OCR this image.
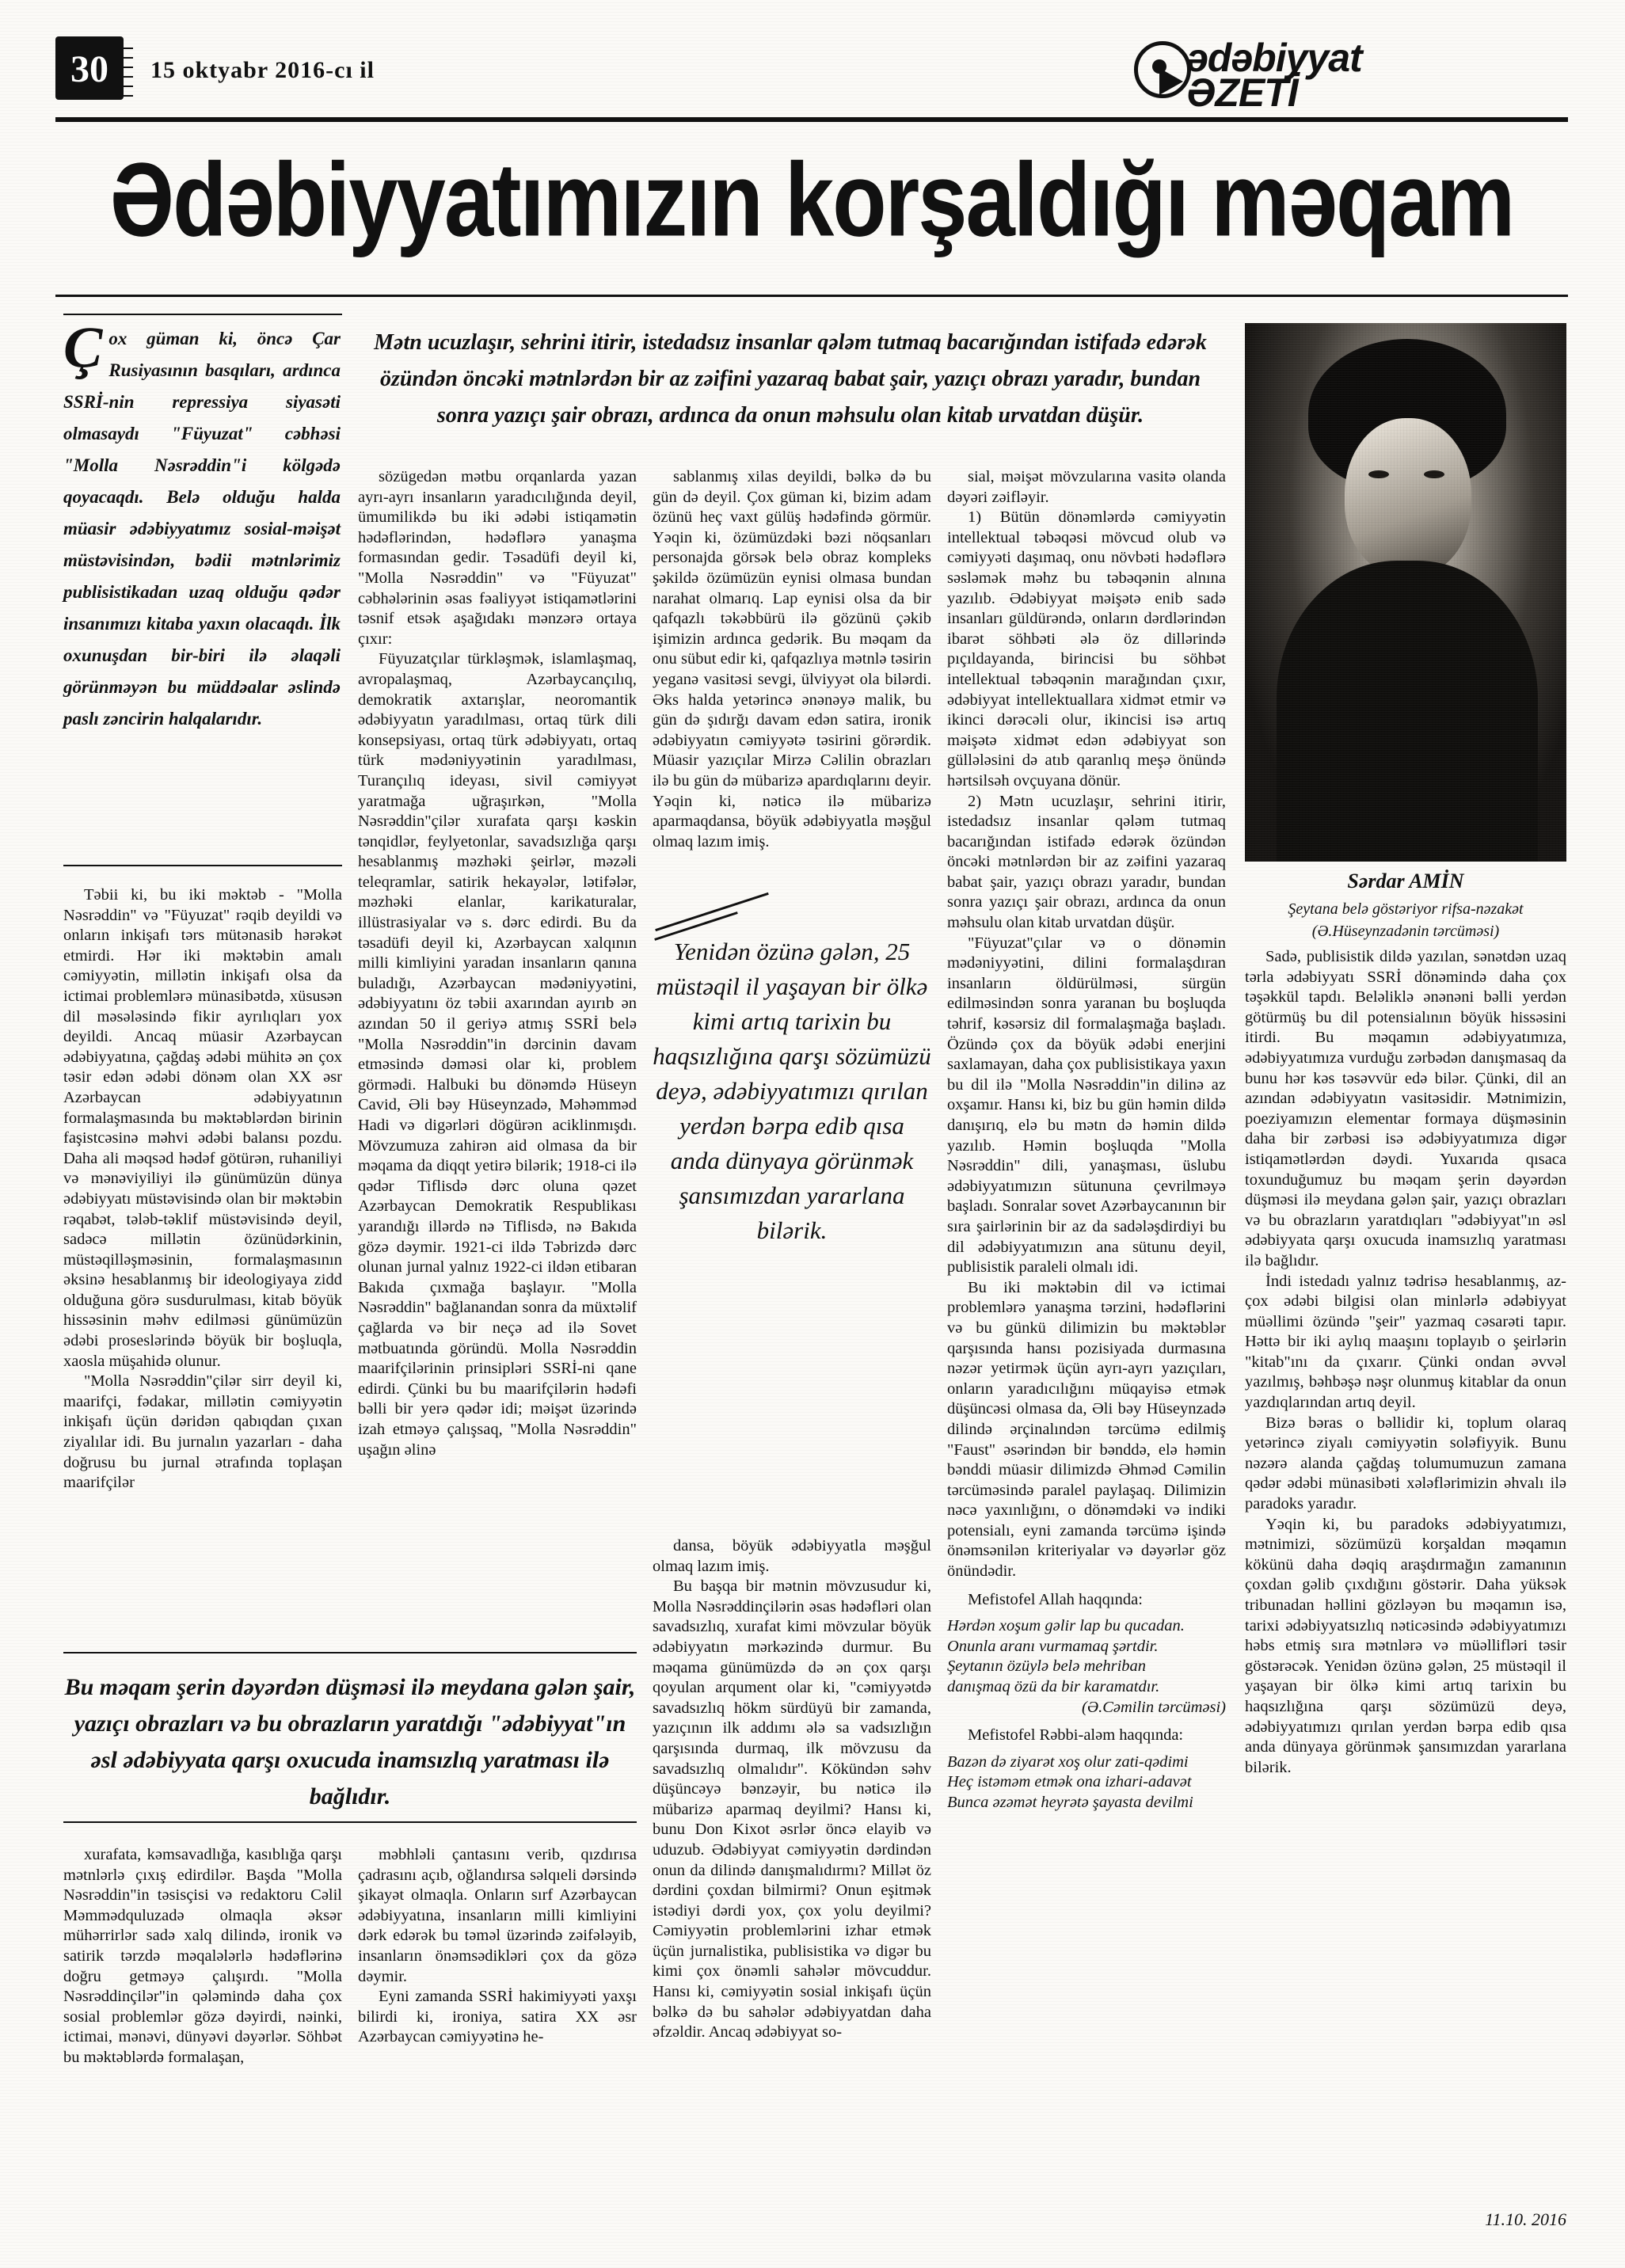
30	15 oktyabr 2016-cı il	ədəbiyyat
ƏZETİ
Ədəbiyyatımızın korşaldığı məqam
Çox güman ki, öncə Çar Rusiyasının basqıları, ardınca SSRİ-nin repressiya siyasəti olmasaydı "Füyuzat" cəbhəsi "Molla Nəsrəddin"i kölgədə qoyacaqdı. Belə olduğu halda müasir ədəbiyyatımız sosial-məişət müstəvisindən, bədii mətnlərimiz publisistikadan uzaq olduğu qədər insanımızı kitaba yaxın olacaqdı. İlk oxunuşdan bir-biri ilə əlaqəli görünməyən bu müddəalar əslində paslı zəncirin halqalarıdır.
Mətn ucuzlaşır, sehrini itirir, istedadsız insanlar qələm tutmaq bacarığından istifadə edərək özündən öncəki mətnlərdən bir az zəifini yazaraq babat şair, yazıçı obrazı yaradır, bundan sonra yazıçı şair obrazı, ardınca da onun məhsulu olan kitab urvatdan düşür.
Sərdar AMİN
Şeytana belə göstəriyor rifsa-nəzakət (Ə.Hüseynzadənin tərcüməsi)

Təbii ki, bu iki məktəb - "Molla Nəsrəddin" və "Füyuzat" rəqib deyildi və onların inkişafı tərs mütənasib hərəkət etmirdi. Hər iki məktəbin amalı cəmiyyətin, millətin inkişafı olsa da ictimai problemlərə münasibətdə, xüsusən dil məsələsində fikir ayrılıqları yox deyildi. Ancaq müasir Azərbaycan ədəbiyyatına, çağdaş ədəbi mühitə ən çox təsir edən ədəbi dönəm olan XX əsr Azərbaycan ədəbiyyatının formalaşmasında bu məktəblərdən birinin faşistcəsinə məhvi ədəbi balansı pozdu. Daha ali məqsəd hədəf götürən, ruhaniliyi və mənəviyiliyi ilə günümüzün dünya ədəbiyyatı müstəvisində olan bir məktəbin rəqabət, tələb-təklif müstəvisində deyil, sadəcə millətin özünüdərkinin, müstəqilləşməsinin, formalaşmasının əksinə hesablanmış bir ideologiyaya zidd olduğuna görə susdurulması, kitab böyük hissəsinin məhv edilməsi günümüzün ədəbi proseslərində böyük bir boşluqla, xaosla müşahidə olunur.

"Molla Nəsrəddin"çilər sirr deyil ki, maarifçi, fədakar, millətin cəmiyyətin inkişafı üçün dəridən qabıqdan çıxan ziyalılar idi. Bu jurnalın yazarları - daha doğrusu bu jurnal ətrafında toplaşan maarifçilər

Bu məqam şerin dəyərdən düşməsi ilə meydana gələn şair, yazıçı obrazları və bu obrazların yaratdığı "ədəbiyyat"ın əsl ədəbiyyata qarşı oxucuda inamsızlıq yaratması ilə bağlıdır.

xurafata, kəmsavadlığa, kasıblığa qarşı mətnlərlə çıxış edirdilər. Başda "Molla Nəsrəddin"in təsisçisi və redaktoru Cəlil Məmmədquluzadə olmaqla əksər mühərrirlər sadə xalq dilində, ironik və satirik tərzdə məqalələrlə hədəflərinə doğru getməyə çalışırdı. "Molla Nəsrəddinçilər"in qələmində daha çox sosial problemlər gözə dəyirdi, nəinki, ictimai, mənəvi, dünyəvi dəyərlər. Söhbət bu məktəblərdə formalaşan,

sözügedən mətbu orqanlarda yazan ayrı-ayrı insanların yaradıcılığında deyil, ümumilikdə bu iki ədəbi istiqamətin hədəflərindən, hədəflərə yanaşma formasından gedir. Təsadüfi deyil ki, "Molla Nəsrəddin" və "Füyuzat" cəbhələrinin əsas fəaliyyət istiqamətlərini təsnif etsək aşağıdakı mənzərə ortaya çıxır:

Füyuzatçılar türkləşmək, islamlaşmaq, avropalaşmaq, Azərbaycançılıq, demokratik axtarışlar, neoromantik ədəbiyyatın yaradılması, ortaq türk dili konsepsiyası, ortaq türk ədəbiyyatı, ortaq türk mədəniyyətinin yaradılması, Turançılıq ideyası, sivil cəmiyyət yaratmağa uğraşırkən, "Molla Nəsrəddin"çilər xurafata qarşı kəskin tənqidlər, feylyetonlar, savadsızlığa qarşı hesablanmış məzhəki şeirlər, məzəli teleqramlar, satirik hekayələr, lətifələr, məzhəki elanlar, karikaturalar, illüstrasiyalar və s. dərc edirdi. Bu da təsadüfi deyil ki, Azərbaycan xalqının milli kimliyini yaradan insanların qanına buladığı, Azərbaycan mədəniyyətini, ədəbiyyatını öz təbii axarından ayırıb ən azından 50 il geriyə atmış SSRİ belə "Molla Nəsrəddin"in dərcinin davam etməsində dəməsi olar ki, problem görmədi. Halbuki bu dönəmdə Hüseyn Cavid, Əli bəy Hüseynzadə, Məhəmməd Hadi və digərləri dögürən aciklinmışdı. Mövzumuza zahirən aid olmasa da bir məqama da diqqt yetirə bilərik; 1918-ci ilə qədər Tiflisdə dərc oluna qəzet Azərbaycan Demokratik Respublikası yarandığı illərdə nə Tiflisdə, nə Bakıda gözə dəymir. 1921-ci ildə Təbrizdə dərc olunan jurnal yalnız 1922-ci ildən etibaran Bakıda çıxmağa başlayır. "Molla Nəsrəddin" bağlanandan sonra da müxtəlif çağlarda və bir neçə ad ilə Sovet mətbuatında göründü. Molla Nəsrəddin maarifçilərinin prinsipləri SSRİ-ni qane edirdi. Çünki bu bu maarifçilərin hədəfi bəlli bir yerə qədər idi; məişət üzərində izah etməyə çalışsaq, "Molla Nəsrəddin" uşağın əlinə

məbhləli çantasını verib, qızdırısa çadrasını açıb, oğlandırsa səlqıeli dərsində şikayət olmaqla. Onların sırf Azərbaycan ədəbiyyatına, insanların milli kimliyini dərk edərək bu təməl üzərində zəifələyib, insanların önəmsədikləri çox da gözə dəymir.

Eyni zamanda SSRİ hakimiyyəti yaxşı bilirdi ki, ironiya, satira XX əsr Azərbaycan cəmiyyətinə he-

sablanmış xilas deyildi, bəlkə də bu gün də deyil. Çox güman ki, bizim adam özünü heç vaxt gülüş hədəfində görmür. Yəqin ki, özümüzdəki bəzi nöqsanları personajda görsək belə obraz kompleks şəkildə özümüzün eynisi olmasa bundan narahat olmarıq. Lap eynisi olsa da bir qafqazlı təkəbbürü ilə gözünü çəkib işimizin ardınca gedərik. Bu məqam da onu sübut edir ki, qafqazlıya mətnlə təsirin yeganə vasitəsi sevgi, ülviyyət ola bilərdi. Əks halda yetərincə ənənəyə malik, bu gün də şıdırğı davam edən satira, ironik ədəbiyyatın cəmiyyətə təsirini görərdik. Müasir yazıçılar Mirzə Cəlilin obrazları ilə bu gün də mübarizə apardıqlarını deyir. Yəqin ki, nəticə ilə mübarizə aparmaqdansa, böyük ədəbiyyatla məşğul olmaq lazım imiş.

Yenidən özünə gələn, 25 müstəqil il yaşayan bir ölkə kimi artıq tarixin bu haqsızlığına qarşı sözümüzü deyə, ədəbiyyatımızı qırılan yerdən bərpa edib qısa anda dünyaya görünmək şansımızdan yararlana bilərik.

dansa, böyük ədəbiyyatla məşğul olmaq lazım imiş.

Bu başqa bir mətnin mövzusudur ki, Molla Nəsrəddinçilərin əsas hədəfləri olan savadsızlıq, xurafat kimi mövzular böyük ədəbiyyatın mərkəzində durmur. Bu məqama günümüzdə də ən çox qarşı qoyulan arqument olar ki, "cəmiyyətdə savadsızlıq hökm sürdüyü bir zamanda, yazıçının ilk addımı ələ sa vadsızlığın qarşısında durmaq, ilk mövzusu da savadsızlıq olmalıdır". Kökündən səhv düşüncəyə bənzəyir, bu nəticə ilə mübarizə aparmaq deyilmi? Hansı ki, bunu Don Kixot əsrlər öncə elayib və uduzub. Ədəbiyyat cəmiyyətin dərdindən onun da dilində danışmalıdırmı? Millət öz dərdini çoxdan bilmirmi? Onun eşitmək istədiyi dərdi yox, çox yolu deyilmi? Cəmiyyətin problemlərini izhar etmək üçün jurnalistika, publisistika və digər bu kimi çox önəmli sahələr mövcuddur. Hansı ki, cəmiyyətin sosial inkişafı üçün bəlkə də bu sahələr ədəbiyyatdan daha əfzəldir. Ancaq ədəbiyyat so-

sial, məişət mövzularına vasitə olanda dəyəri zəifləyir.

1) Bütün dönəmlərdə cəmiyyətin intellektual təbəqəsi mövcud olub və cəmiyyəti daşımaq, onu növbəti hədəflərə səsləmək məhz bu təbəqənin alnına yazılıb. Ədəbiyyat məişətə enib sadə insanları güldürəndə, onların dərdlərindən ibarət söhbəti ələ öz dillərində pıçıldayanda, birincisi bu söhbət intellektual təbəqənin marağından çıxır, ədəbiyyat intellektuallara xidmət etmir və ikinci dərəcəli olur, ikincisi isə artıq məişətə xidmət edən ədəbiyyat son güllələsini də atıb qaranlıq meşə önündə hərtsilsəh ovçuyana dönür.

2) Mətn ucuzlaşır, sehrini itirir, istedadsız insanlar qələm tutmaq bacarığından istifadə edərək özündən öncəki mətnlərdən bir az zəifini yazaraq babat şair, yazıçı obrazı yaradır, bundan sonra yazıçı şair obrazı, ardınca da onun məhsulu olan kitab urvatdan düşür.

"Füyuzat"çılar və o dönəmin mədəniyyətini, dilini formalaşdıran insanların öldürülməsi, sürgün edilməsindən sonra yaranan bu boşluqda təhrif, kəsərsiz dil formalaşmağa başladı. Özündə çox da böyük ədəbi enerjini saxlamayan, daha çox publisistikaya yaxın bu dil ilə "Molla Nəsrəddin"in dilinə az oxşamır. Hansı ki, biz bu gün həmin dildə danışırıq, elə bu mətn də həmin dildə yazılıb. Həmin boşluqda "Molla Nəsrəddin" dili, yanaşması, üslubu ədəbiyyatımızın sütununa çevrilməyə başladı. Sonralar sovet Azərbaycanının bir sıra şairlərinin bir az da sadələşdirdiyi bu dil ədəbiyyatımızın ana sütunu deyil, publisistik paraleli olmalı idi.

Bu iki məktəbin dil və ictimai problemlərə yanaşma tərzini, hədəflərini və bu günkü dilimizin bu məktəblər qarşısında hansı pozisiyada durmasına nəzər yetirmək üçün ayrı-ayrı yazıçıları, onların yaradıcılığını müqayisə etmək düşüncəsi olmasa da, Əli bəy Hüseynzadə dilində ərçinalındən tərcümə edilmiş "Faust" əsərindən bir bənddə, elə həmin bənddi müasir dilimizdə Əhməd Cəmilin tərcüməsində paralel paylaşaq. Dilimizin nəcə yaxınlığını, o dönəmdəki və indiki potensialı, eyni zamanda tərcümə işində önəmsənilən kriteriyalar və dəyərlər göz önündədir.

Mefistofel Allah haqqında:

Hərdən xoşum gəlir lap bu qucadan.

Onunla aranı vurmamaq şərtdir.

Şeytanın özüylə belə mehriban

danışmaq özü da bir karamatdır.

(Ə.Cəmilin tərcüməsi)

Mefistofel Rəbbi-aləm haqqında:

Bazən də ziyarət xoş olur zati-qədimi

Heç istəməm etmək ona izhari-adavət

Bunca əzəmət heyrətə şayasta devilmi

Sadə, publisistik dildə yazılan, sənətdən uzaq tərla ədəbiyyatı SSRİ dönəmində daha çox təşəkkül tapdı. Beləliklə ənənəni bəlli yerdən götürmüş bu dil potensialının böyük hissəsini itirdi. Bu məqamın ədəbiyyatımıza, ədəbiyyatımıza vurduğu zərbədən danışmasaq da bunu hər kəs təsəvvür edə bilər. Çünki, dil an azından ədəbiyyatın vasitəsidir. Mətnimizin, poeziyamızın elementar formaya düşməsinin daha bir zərbəsi isə ədəbiyyatımıza digər istiqamətlərdən dəydi. Yuxarıda qısaca toxunduğumuz bu məqam şerin dəyərdən düşməsi ilə meydana gələn şair, yazıçı obrazları və bu obrazların yaratdıqları "ədəbiyyat"ın əsl ədəbiyyata qarşı oxucuda inamsızlıq yaratması ilə bağlıdır.

İndi istedadı yalnız tədrisə hesablanmış, az-çox ədəbi bilgisi olan minlərlə ədəbiyyat müəllimi özündə "şeir" yazmaq cəsarəti tapır. Həttə bir iki aylıq maaşını toplayıb o şeirlərin "kitab"ını da çıxarır. Çünki ondan əvvəl yazılmış, bəhbəşə nəşr olunmuş kitablar da onun yazdıqlarından artıq deyil.

Bizə bəras o bəllidir ki, toplum olaraq yetərincə ziyalı cəmiyyətin soləfiyyik. Bunu nəzərə alanda çağdaş tolumumuzun zamana qədər ədəbi münasibəti xələflərimizin əhvalı ilə paradoks yaradır.

Yəqin ki, bu paradoks ədəbiyyatımızı, mətnimizi, sözümüzü korşaldan məqamın kökünü daha dəqiq araşdırmağın zamanının çoxdan gəlib çıxdığını göstərir. Daha yüksək tribunadan həllini gözləyən bu məqamın isə, tarixi ədəbiyyatsızlıq nəticəsində ədəbiyyatımızı həbs etmiş sıra mətnlərə və müəllifləri təsir göstərəcək. Yenidən özünə gələn, 25 müstəqil il yaşayan bir ölkə kimi artıq tarixin bu haqsızlığına qarşı sözümüzü deyə, ədəbiyyatımızı qırılan yerdən bərpa edib qısa anda dünyaya görünmək şansımızdan yararlana bilərik.

11.10. 2016
